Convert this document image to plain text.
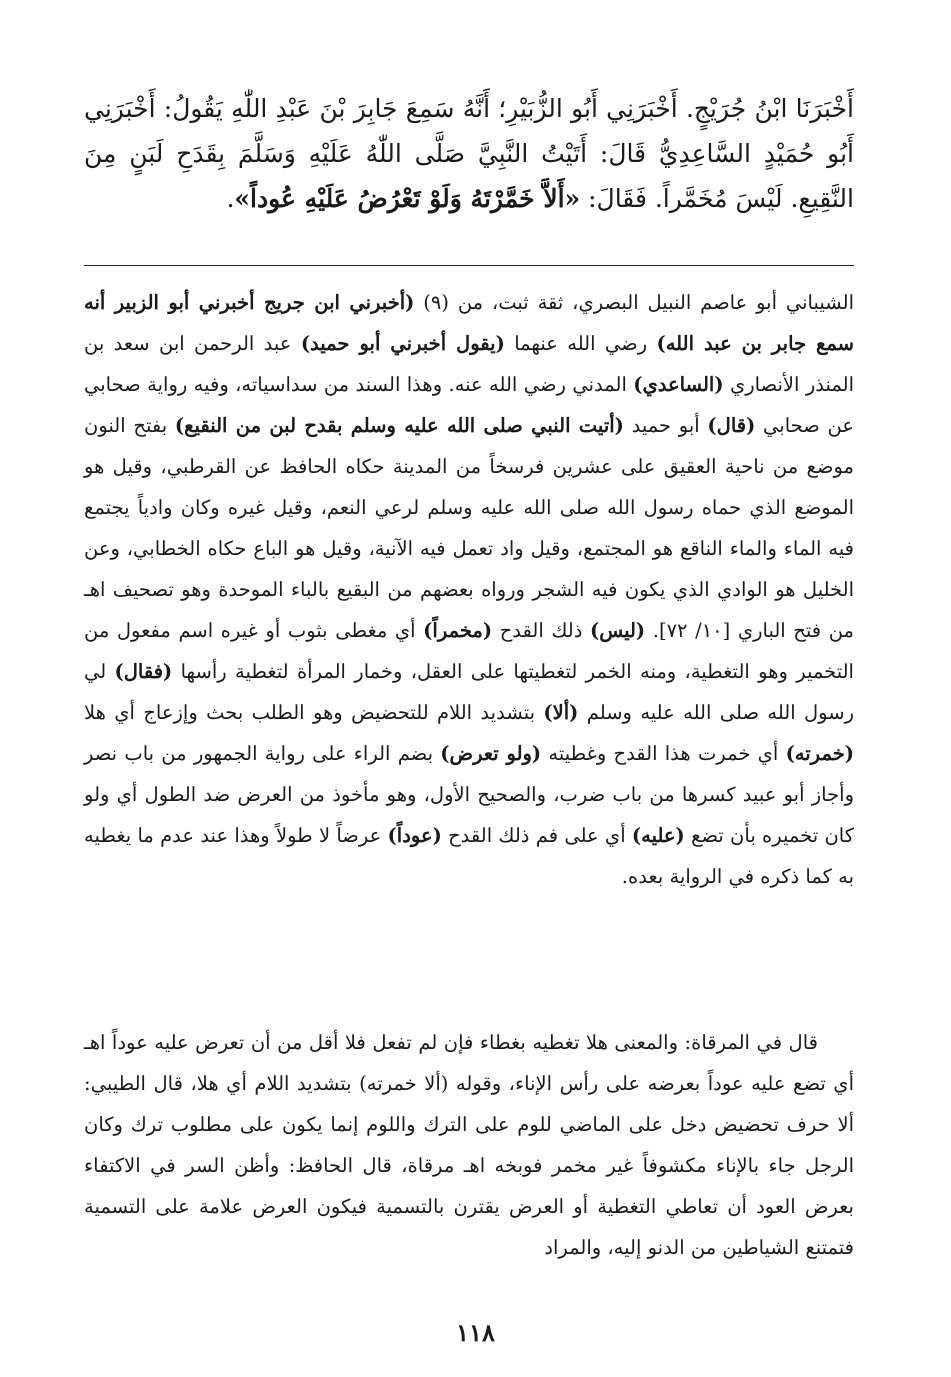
أَخْبَرَنَا ابْنُ جُرَيْجٍ. أَخْبَرَنِي أَبُو الزُّبَيْرِ؛ أَنَّهُ سَمِعَ جَابِرَ بْنَ عَبْدِ اللّٰهِ يَقُولُ: أَخْبَرَنِي أَبُو حُمَيْدٍ السَّاعِدِيُّ قَالَ: أَتَيْتُ النَّبِيَّ صَلَّى اللّٰهُ عَلَيْهِ وَسَلَّمَ بِقَدَحِ لَبَنٍ مِنَ النَّقِيعِ. لَيْسَ مُخَمَّراً. فَقَالَ: «أَلاَّ خَمَّرْتَهُ وَلَوْ تَعْرُضُ عَلَيْهِ عُوداً».

الشيباني أبو عاصم النبيل البصري، ثقة ثبت، من (٩) (أخبرني ابن جريج أخبرني أبو الزبير أنه سمع جابر بن عبد الله) رضي الله عنهما (يقول أخبرني أبو حميد) عبد الرحمن ابن سعد بن المنذر الأنصاري (الساعدي) المدني رضي الله عنه. وهذا السند من سداسياته، وفيه رواية صحابي عن صحابي (قال) أبو حميد (أتيت النبي صلى الله عليه وسلم بقدح لبن من النقيع) بفتح النون موضع من ناحية العقيق على عشرين فرسخاً من المدينة حكاه الحافظ عن القرطبي، وقيل هو الموضع الذي حماه رسول الله صلى الله عليه وسلم لرعي النعم، وقيل غيره وكان وادياً يجتمع فيه الماء والماء الناقع هو المجتمع، وقيل واد تعمل فيه الآنية، وقيل هو الباع حكاه الخطابي، وعن الخليل هو الوادي الذي يكون فيه الشجر ورواه بعضهم من البقيع بالباء الموحدة وهو تصحيف اهـ من فتح الباري [١٠/ ٧٢]. (ليس) ذلك القدح (مخمراً) أي مغطى بثوب أو غيره اسم مفعول من التخمير وهو التغطية، ومنه الخمر لتغطيتها على العقل، وخمار المرأة لتغطية رأسها (فقال) لي رسول الله صلى الله عليه وسلم (ألا) بتشديد اللام للتحضيض وهو الطلب بحث وإزعاج أي هلا (خمرته) أي خمرت هذا القدح وغطيته (ولو تعرض) بضم الراء على رواية الجمهور من باب نصر وأجاز أبو عبيد كسرها من باب ضرب، والصحيح الأول، وهو مأخوذ من العرض ضد الطول أي ولو كان تخميره بأن تضع (عليه) أي على فم ذلك القدح (عوداً) عرضاً لا طولاً وهذا عند عدم ما يغطيه به كما ذكره في الرواية بعده.

قال في المرقاة: والمعنى هلا تغطيه بغطاء فإن لم تفعل فلا أقل من أن تعرض عليه عوداً اهـ أي تضع عليه عوداً بعرضه على رأس الإناء، وقوله (ألا خمرته) بتشديد اللام أي هلا، قال الطيبي: ألا حرف تحضيض دخل على الماضي للوم على الترك واللوم إنما يكون على مطلوب ترك وكان الرجل جاء بالإناء مكشوفاً غير مخمر فوبخه اهـ مرقاة، قال الحافظ: وأظن السر في الاكتفاء بعرض العود أن تعاطي التغطية أو العرض يقترن بالتسمية فيكون العرض علامة على التسمية فتمتنع الشياطين من الدنو إليه، والمراد

١١٨
